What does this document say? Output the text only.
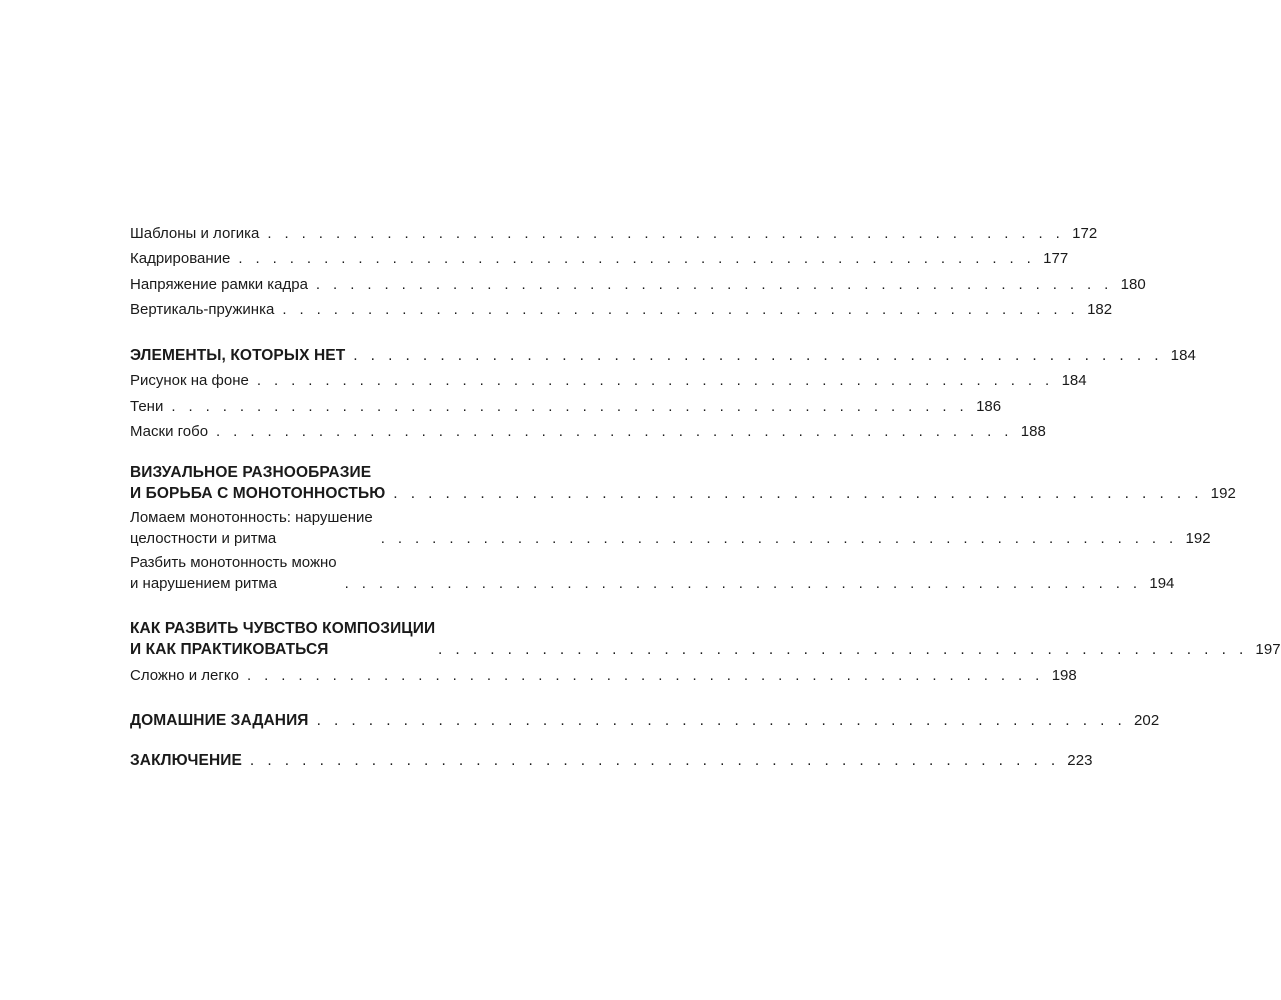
Шаблоны и логика . . . . . . . . . . . . . . . . . . . . . . . . . . . . . . . . . . . . . . . . . . . . . . . 172
Кадрирование . . . . . . . . . . . . . . . . . . . . . . . . . . . . . . . . . . . . . . . . . . . . . . . 177
Напряжение рамки кадра . . . . . . . . . . . . . . . . . . . . . . . . . . . . . . . . . . . . . . . . . . . . . . . 180
Вертикаль-пружинка . . . . . . . . . . . . . . . . . . . . . . . . . . . . . . . . . . . . . . . . . . . . . . . 182
ЭЛЕМЕНТЫ, КОТОРЫХ НЕТ . . . . . . . . . . . . . . . . . . . . . . . . . . . . . . . . . . . . . . . . . . . . . . . 184
Рисунок на фоне . . . . . . . . . . . . . . . . . . . . . . . . . . . . . . . . . . . . . . . . . . . . . . . 184
Тени . . . . . . . . . . . . . . . . . . . . . . . . . . . . . . . . . . . . . . . . . . . . . . . 186
Маски гобо . . . . . . . . . . . . . . . . . . . . . . . . . . . . . . . . . . . . . . . . . . . . . . . 188
ВИЗУАЛЬНОЕ РАЗНООБРАЗИЕ
И БОРЬБА С МОНОТОННОСТЬЮ . . . . . . . . . . . . . . . . . . . . . . . . . . . . . . . . . . . . . . . . . . . . . . . 192
Ломаем монотонность: нарушение
целостности и ритма	. . . . . . . . . . . . . . . . . . . . . . . . . . . . . . . . . . . . . . . . . . . . . . . 192
Разбить монотонность можно
и нарушением ритма	. . . . . . . . . . . . . . . . . . . . . . . . . . . . . . . . . . . . . . . . . . . . . . . 194
КАК РАЗВИТЬ ЧУВСТВО КОМПОЗИЦИИ
И КАК ПРАКТИКОВАТЬСЯ	. . . . . . . . . . . . . . . . . . . . . . . . . . . . . . . . . . . . . . . . . . . . . . . 197
Сложно и легко . . . . . . . . . . . . . . . . . . . . . . . . . . . . . . . . . . . . . . . . . . . . . . . 198
ДОМАШНИЕ ЗАДАНИЯ . . . . . . . . . . . . . . . . . . . . . . . . . . . . . . . . . . . . . . . . . . . . . . . 202
ЗАКЛЮЧЕНИЕ . . . . . . . . . . . . . . . . . . . . . . . . . . . . . . . . . . . . . . . . . . . . . . . 223
